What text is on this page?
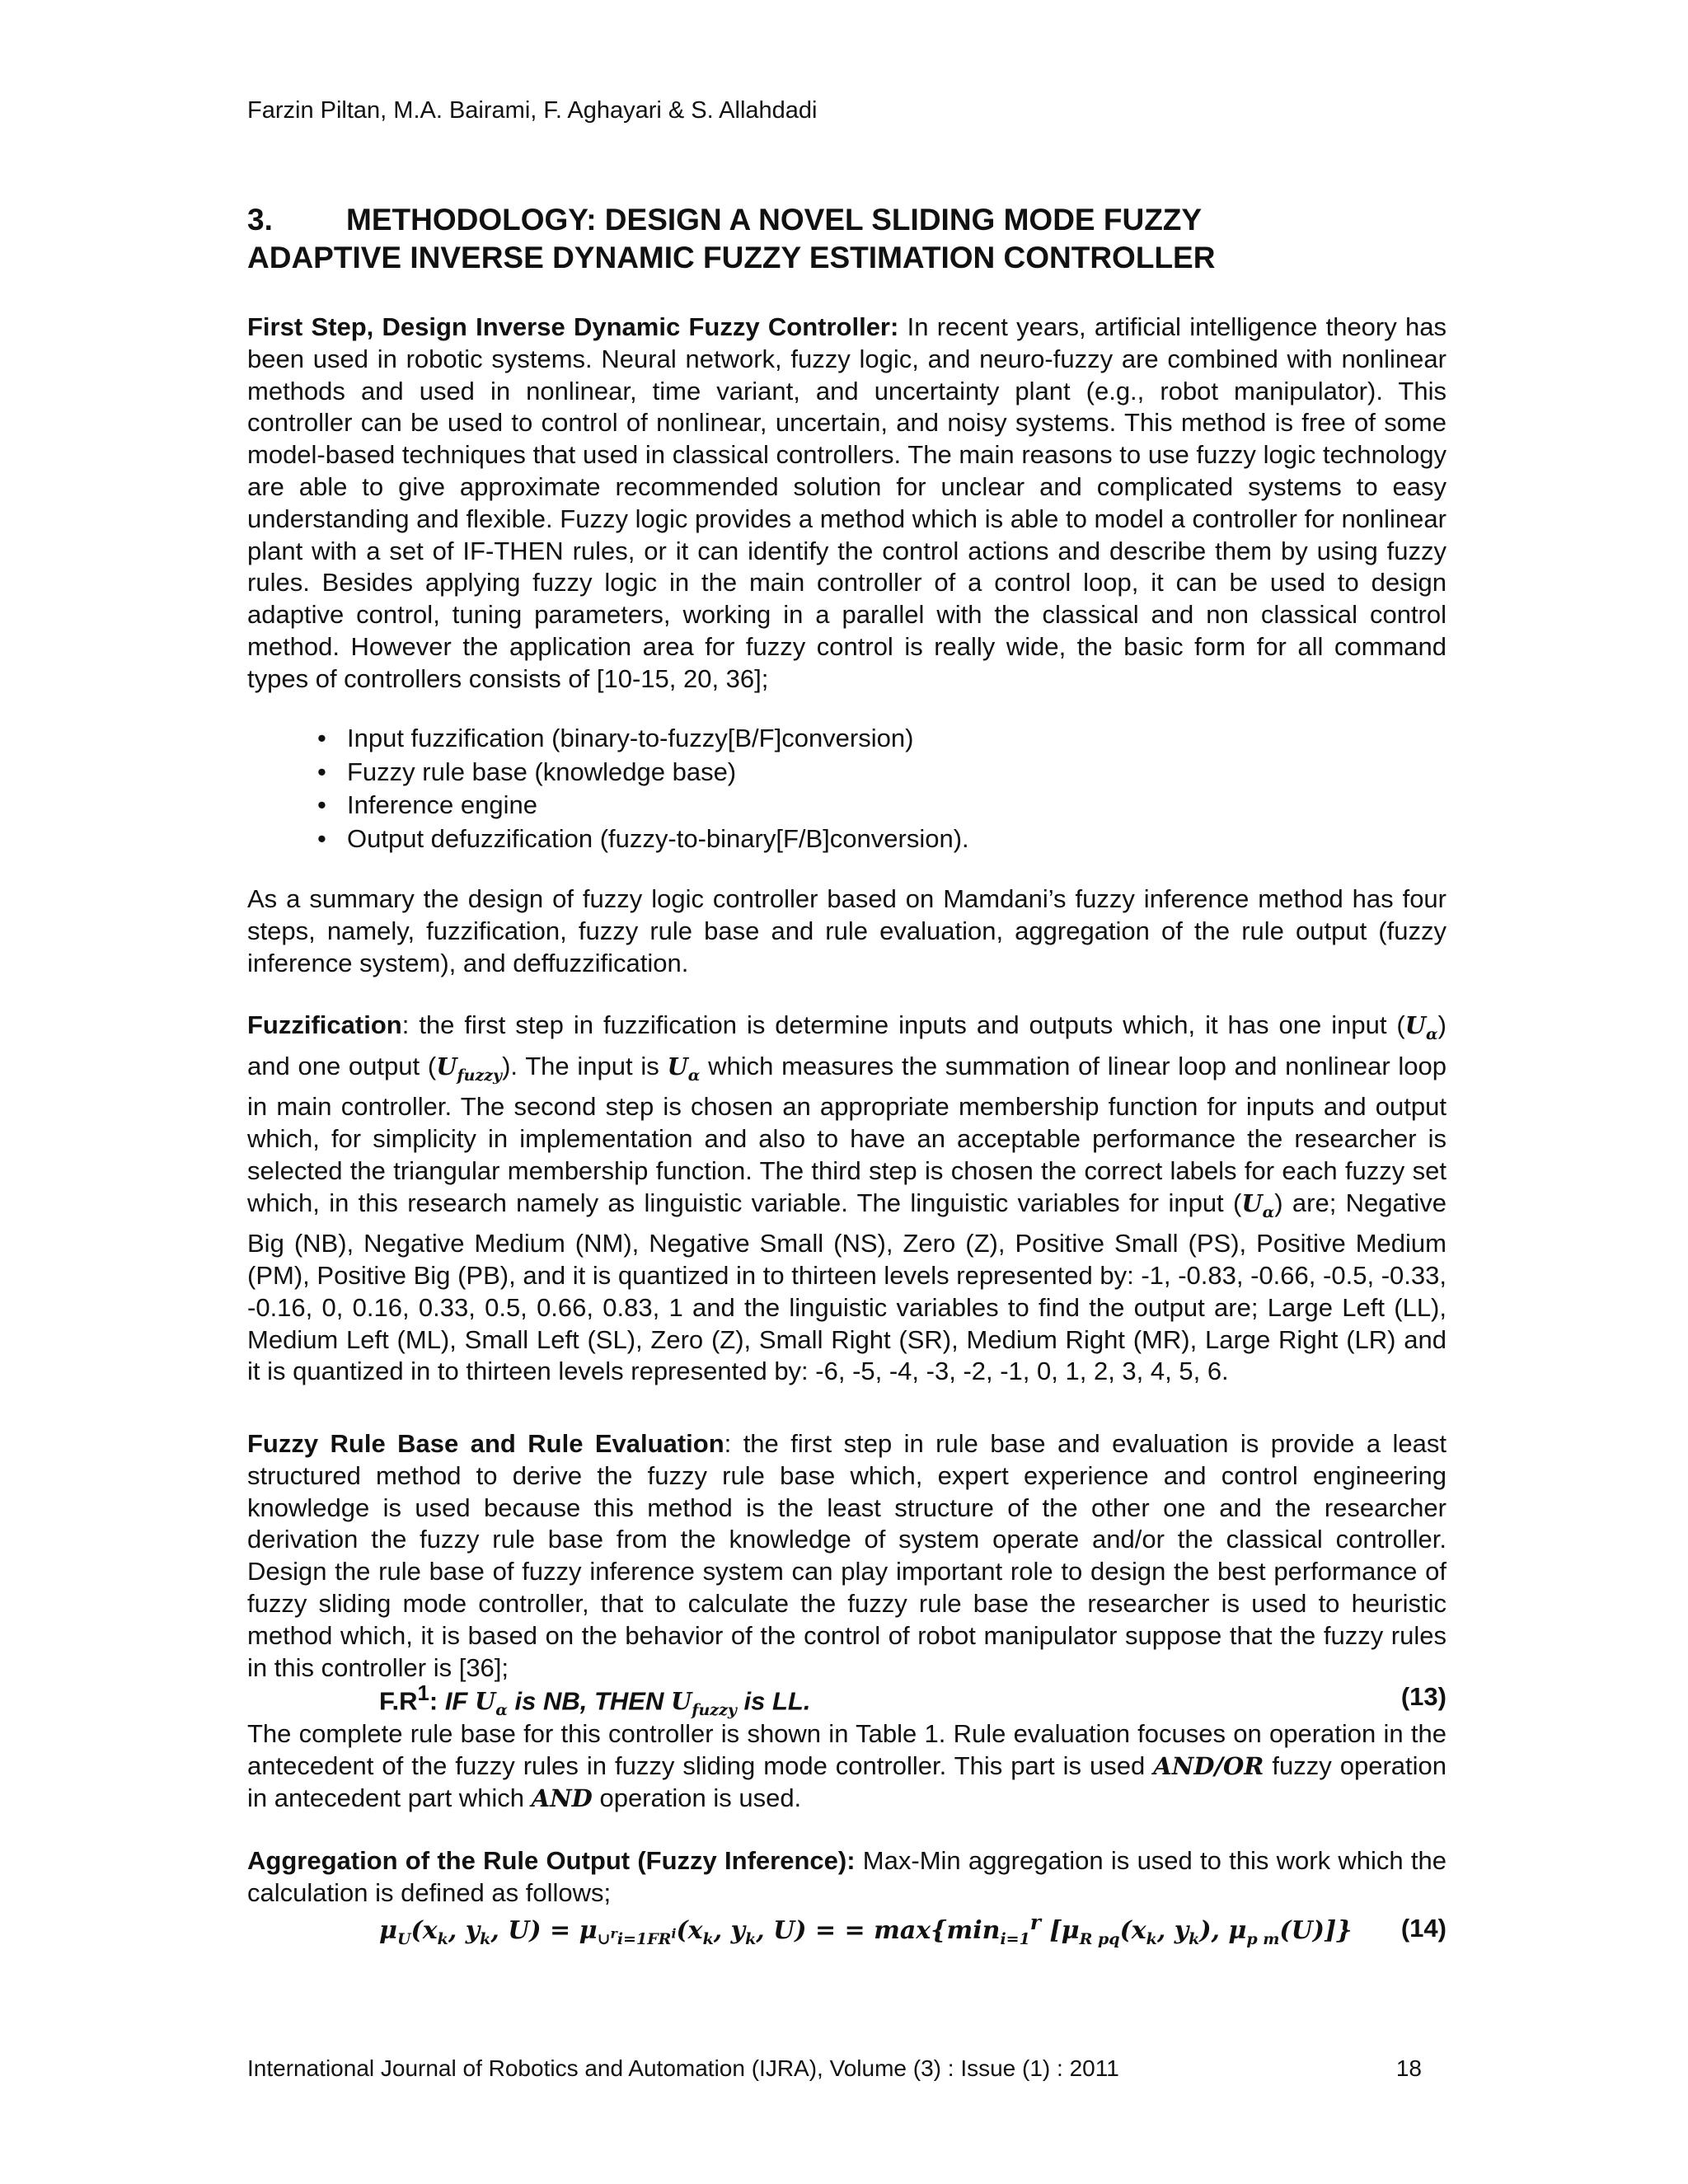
Farzin Piltan, M.A. Bairami, F. Aghayari & S. Allahdadi
3. METHODOLOGY: DESIGN A NOVEL SLIDING MODE FUZZY
ADAPTIVE INVERSE DYNAMIC FUZZY ESTIMATION CONTROLLER

First Step, Design Inverse Dynamic Fuzzy Controller: In recent years, artificial intelligence theory has been used in robotic systems. Neural network, fuzzy logic, and neuro-fuzzy are combined with nonlinear methods and used in nonlinear, time variant, and uncertainty plant (e.g., robot manipulator). This controller can be used to control of nonlinear, uncertain, and noisy systems. This method is free of some model-based techniques that used in classical controllers. The main reasons to use fuzzy logic technology are able to give approximate recommended solution for unclear and complicated systems to easy understanding and flexible. Fuzzy logic provides a method which is able to model a controller for nonlinear plant with a set of IF-THEN rules, or it can identify the control actions and describe them by using fuzzy rules. Besides applying fuzzy logic in the main controller of a control loop, it can be used to design adaptive control, tuning parameters, working in a parallel with the classical and non classical control method. However the application area for fuzzy control is really wide, the basic form for all command types of controllers consists of [10-15, 20, 36];

• Input fuzzification (binary-to-fuzzy[B/F]conversion)
• Fuzzy rule base (knowledge base)
• Inference engine
• Output defuzzification (fuzzy-to-binary[F/B]conversion).

As a summary the design of fuzzy logic controller based on Mamdani’s fuzzy inference method has four steps, namely, fuzzification, fuzzy rule base and rule evaluation, aggregation of the rule output (fuzzy inference system), and deffuzzification.

Fuzzification: the first step in fuzzification is determine inputs and outputs which, it has one input $(U_\alpha)$ and one output $(U_{fuzzy})$. The input is $U_\alpha$ which measures the summation of linear loop and nonlinear loop in main controller. The second step is chosen an appropriate membership function for inputs and output which, for simplicity in implementation and also to have an acceptable performance the researcher is selected the triangular membership function. The third step is chosen the correct labels for each fuzzy set which, in this research namely as linguistic variable. The linguistic variables for input $(U_\alpha)$ are; Negative Big (NB), Negative Medium (NM), Negative Small (NS), Zero (Z), Positive Small (PS), Positive Medium (PM), Positive Big (PB), and it is quantized in to thirteen levels represented by: -1, -0.83, -0.66, -0.5, -0.33, -0.16, 0, 0.16, 0.33, 0.5, 0.66, 0.83, 1 and the linguistic variables to find the output are; Large Left (LL), Medium Left (ML), Small Left (SL), Zero (Z), Small Right (SR), Medium Right (MR), Large Right (LR) and it is quantized in to thirteen levels represented by: -6, -5, -4, -3, -2, -1, 0, 1, 2, 3, 4, 5, 6.

Fuzzy Rule Base and Rule Evaluation: the first step in rule base and evaluation is provide a least structured method to derive the fuzzy rule base which, expert experience and control engineering knowledge is used because this method is the least structure of the other one and the researcher derivation the fuzzy rule base from the knowledge of system operate and/or the classical controller. Design the rule base of fuzzy inference system can play important role to design the best performance of fuzzy sliding mode controller, that to calculate the fuzzy rule base the researcher is used to heuristic method which, it is based on the behavior of the control of robot manipulator suppose that the fuzzy rules in this controller is [36];

$F.R^1$: IF $U_\alpha$ is NB, THEN $U_{fuzzy}$ is LL.	(13)

The complete rule base for this controller is shown in Table 1. Rule evaluation focuses on operation in the antecedent of the fuzzy rules in fuzzy sliding mode controller. This part is used AND/OR fuzzy operation in antecedent part which AND operation is used.

Aggregation of the Rule Output (Fuzzy Inference): Max-Min aggregation is used to this work which the calculation is defined as follows;

$\mu_U(x_k$, $y_k$, $U) = \mu_{\cup^ri=1FR^i}(x_k$, $y_k$, U) = = $\max\{\min_{i=1}^r$ [$\mu_{R pq}(x_k$, $y_k$), $\mu_{p m}(U)$]} (14)
International Journal of Robotics and Automation (IJRA), Volume (3) : Issue (1) : 2011	18
